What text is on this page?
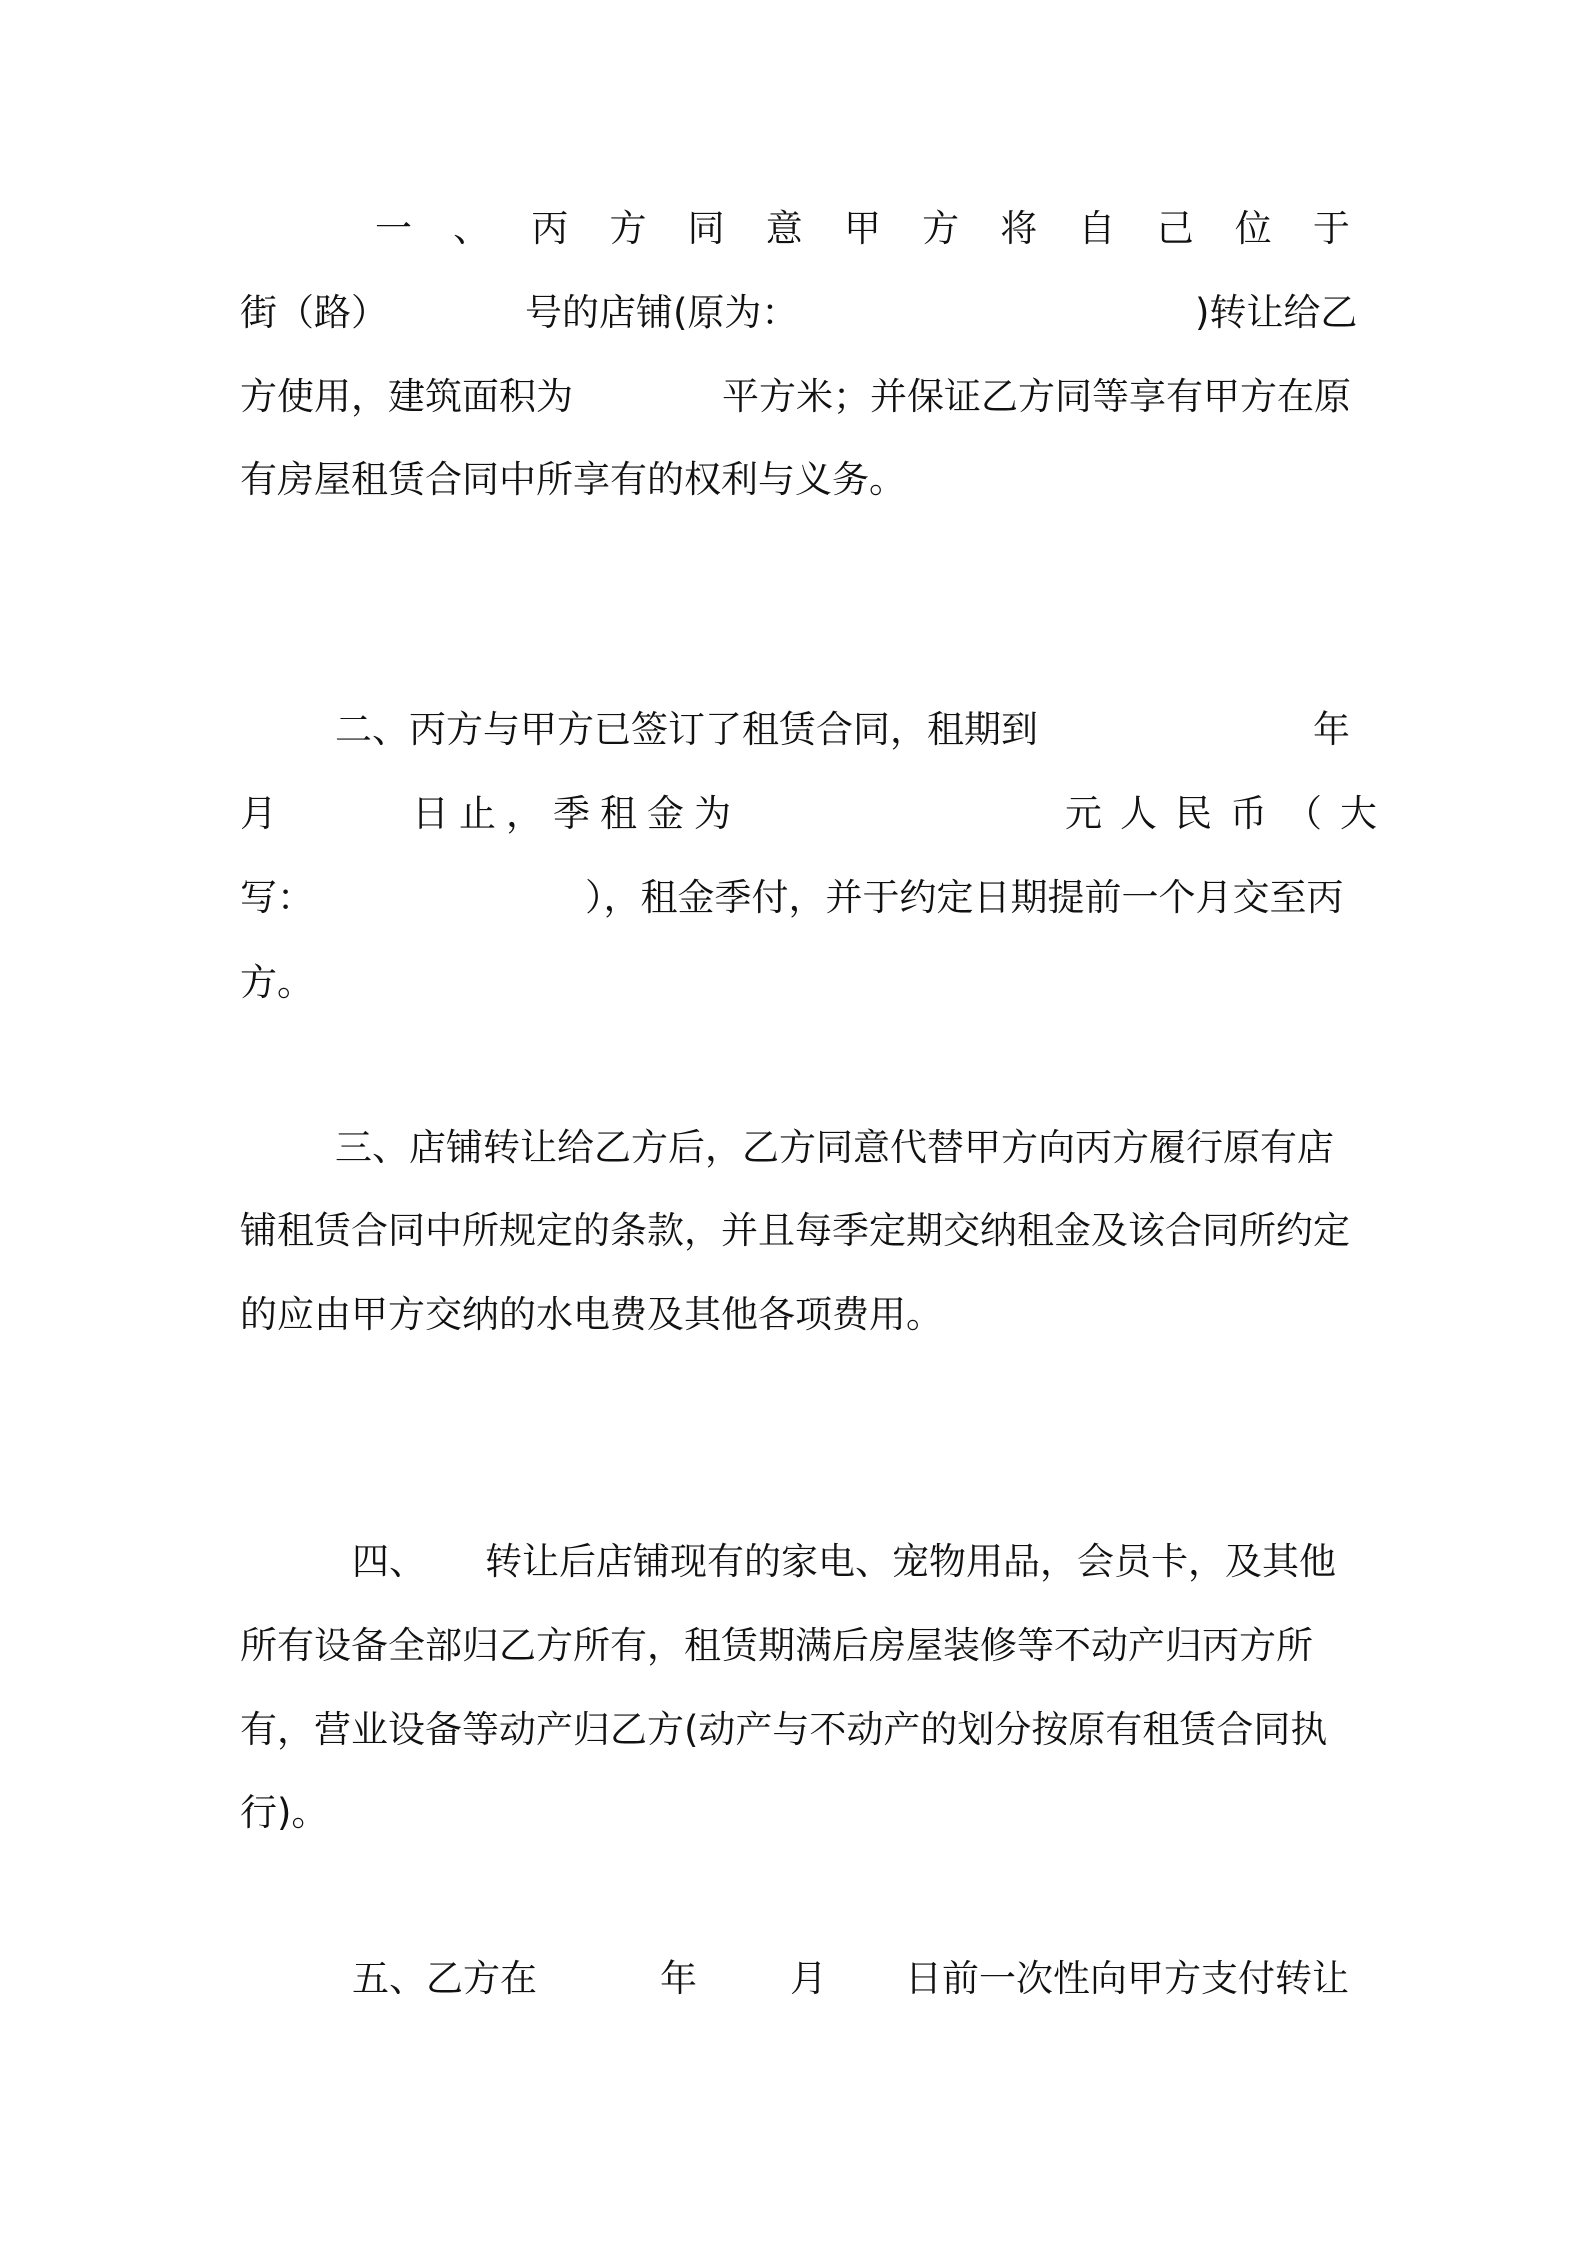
一 、 丙 方 同 意 甲 方 将 自 己 位 于
街（路）	号的店铺(原为：	)转让给乙
方使用，建筑面积为	平方米；并保证乙方同等享有甲方在原
有房屋租赁合同中所享有的权利与义务。
二、丙方与甲方已签订了租赁合同，租期到	年
月	日止，季租金为	元人民币（大
写：	），租金季付，并于约定日期提前一个月交至丙
方。
三、店铺转让给乙方后，乙方同意代替甲方向丙方履行原有店
铺租赁合同中所规定的条款，并且每季定期交纳租金及该合同所约定
的应由甲方交纳的水电费及其他各项费用。
四、 转让后店铺现有的家电、宠物用品，会员卡，及其他
所有设备全部归乙方所有，租赁期满后房屋装修等不动产归丙方所
有，营业设备等动产归乙方(动产与不动产的划分按原有租赁合同执
行)。
五、乙方在	年	月 日前一次性向甲方支付转让
